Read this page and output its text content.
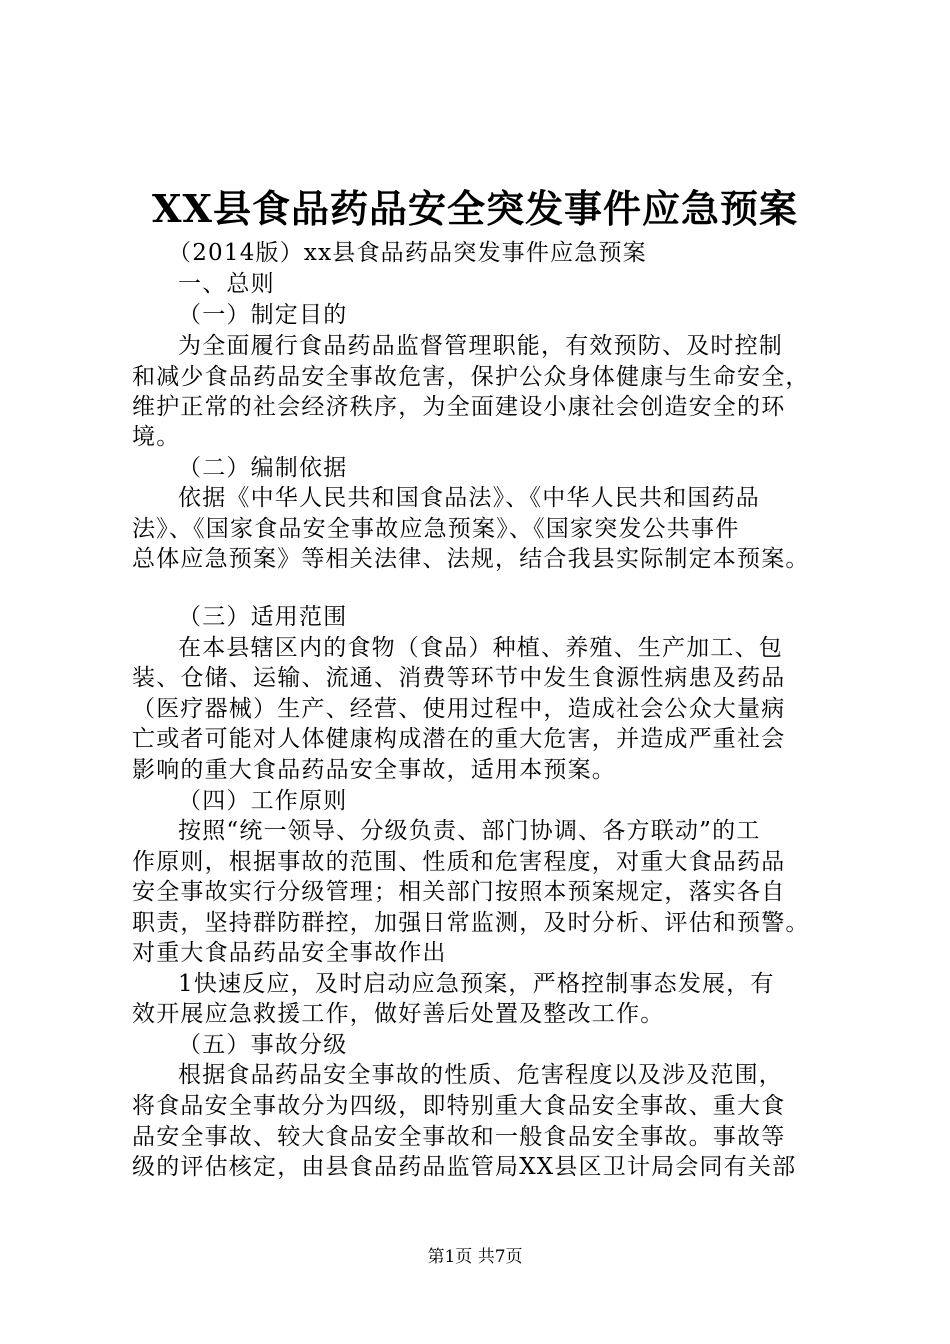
XX县食品药品安全突发事件应急预案
（2014版）xx县食品药品突发事件应急预案
一、总则
（一）制定目的
为全面履行食品药品监督管理职能，有效预防、及时控制
和减少食品药品安全事故危害，保护公众身体健康与生命安全，
维护正常的社会经济秩序，为全面建设小康社会创造安全的环
境。
（二）编制依据
依据《中华人民共和国食品法》、《中华人民共和国药品
法》、《国家食品安全事故应急预案》、《国家突发公共事件
总体应急预案》等相关法律、法规，结合我县实际制定本预案。
（三）适用范围
在本县辖区内的食物（食品）种植、养殖、生产加工、包
装、仓储、运输、流通、消费等环节中发生食源性病患及药品
（医疗器械）生产、经营、使用过程中，造成社会公众大量病
亡或者可能对人体健康构成潜在的重大危害，并造成严重社会
影响的重大食品药品安全事故，适用本预案。
（四）工作原则
按照“统一领导、分级负责、部门协调、各方联动”的工
作原则，根据事故的范围、性质和危害程度，对重大食品药品
安全事故实行分级管理；相关部门按照本预案规定，落实各自
职责，坚持群防群控，加强日常监测，及时分析、评估和预警。
对重大食品药品安全事故作出
1快速反应，及时启动应急预案，严格控制事态发展，有
效开展应急救援工作，做好善后处置及整改工作。
（五）事故分级
根据食品药品安全事故的性质、危害程度以及涉及范围，
将食品安全事故分为四级，即特别重大食品安全事故、重大食
品安全事故、较大食品安全事故和一般食品安全事故。事故等
级的评估核定，由县食品药品监管局XX县区卫计局会同有关部
第1页 共7页
